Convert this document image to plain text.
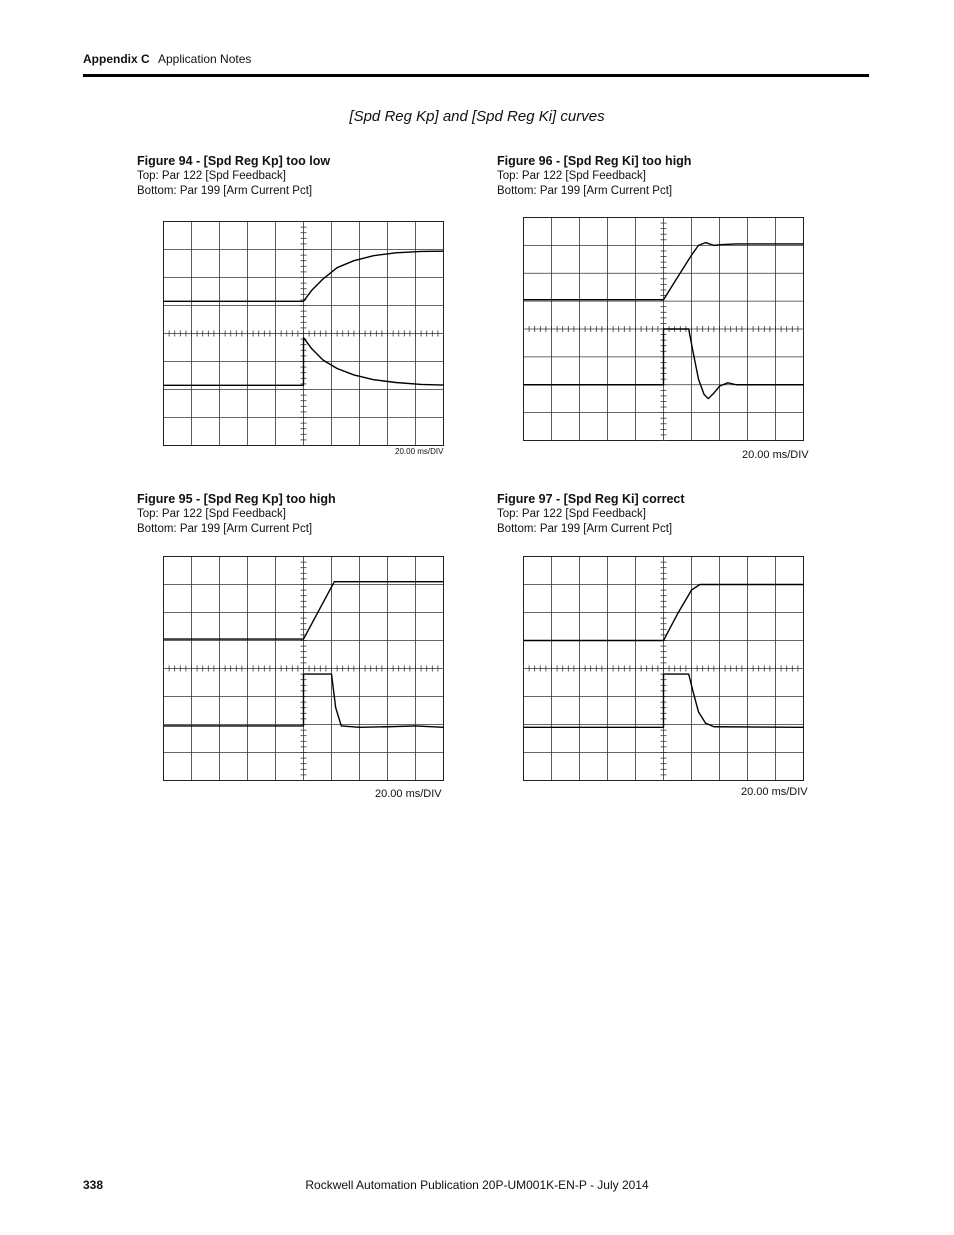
Appendix C Application Notes
[Spd Reg Kp] and [Spd Reg Ki] curves
Figure 94 - [Spd Reg Kp] too low
Top: Par 122 [Spd Feedback]
Bottom: Par 199 [Arm Current Pct]
20.00 ms/DIV
Figure 96 - [Spd Reg Ki] too high
Top: Par 122 [Spd Feedback]
Bottom: Par 199 [Arm Current Pct]
20.00 ms/DIV
Figure 95 - [Spd Reg Kp] too high
Top: Par 122 [Spd Feedback]
Bottom: Par 199 [Arm Current Pct]
20.00 ms/DIV
Figure 97 - [Spd Reg Ki] correct
Top: Par 122 [Spd Feedback]
Bottom: Par 199 [Arm Current Pct]
20.00 ms/DIV
338	Rockwell Automation Publication 20P-UM001K-EN-P - July 2014
